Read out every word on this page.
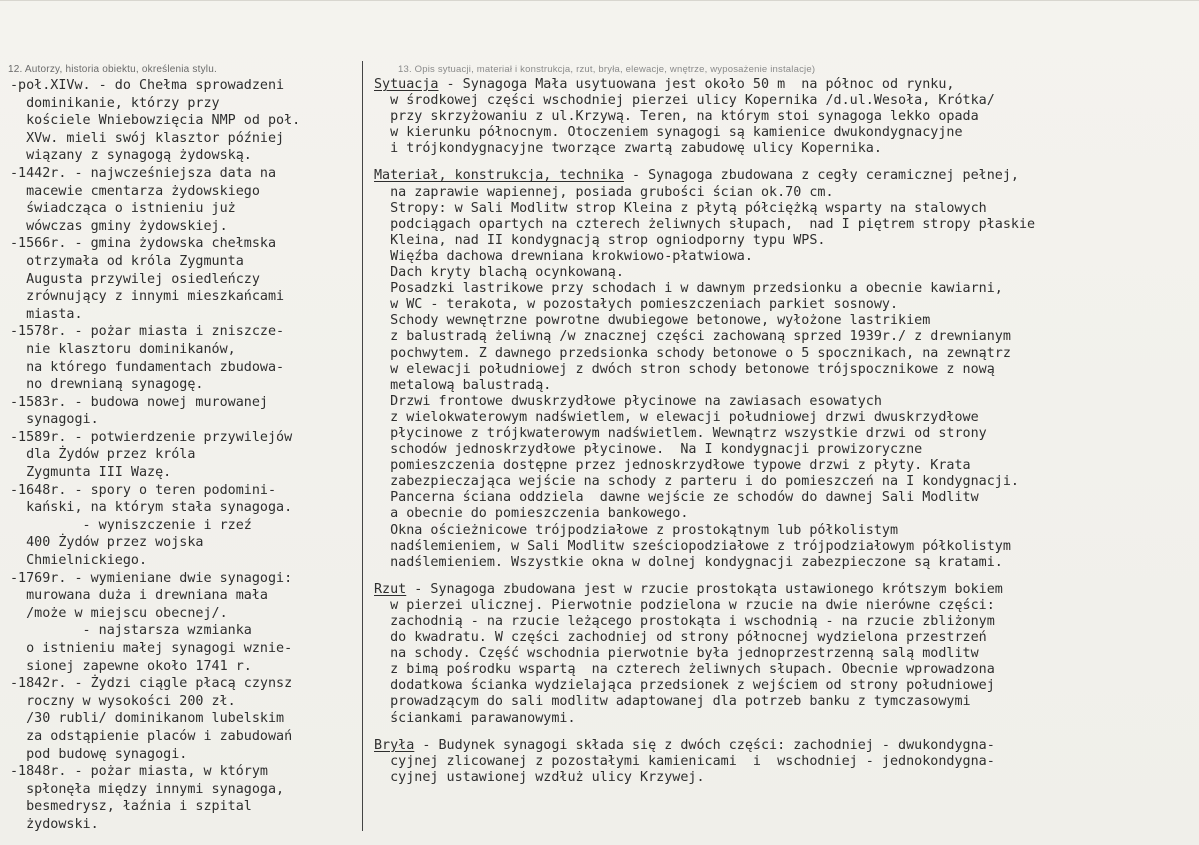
12. Autorzy, historia obiektu, określenia stylu.	13. Opis sytuacji, materiał i konstrukcja, rzut, bryła, elewacje, wnętrze, wyposażenie instalacje)
-poł.XIVw. - do Chełma sprowadzeni
dominikanie, którzy przy
kościele Wniebowzięcia NMP od poł.
XVw. mieli swój klasztor później
wiązany z synagogą żydowską.
-1442r. - najwcześniejsza data na
macewie cmentarza żydowskiego
świadcząca o istnieniu już
wówczas gminy żydowskiej.
-1566r. - gmina żydowska chełmska
otrzymała od króla Zygmunta
Augusta przywilej osiedleńczy
zrównujący z innymi mieszkańcami
miasta.
-1578r. - pożar miasta i zniszcze-
nie klasztoru dominikanów,
na którego fundamentach zbudowa-
no drewnianą synagogę.
-1583r. - budowa nowej murowanej
synagogi.
-1589r. - potwierdzenie przywilejów
dla Żydów przez króla
Zygmunta III Wazę.
-1648r. - spory o teren podomini-
kański, na którym stała synagoga.
- wyniszczenie i rzeź
400 Żydów przez wojska
Chmielnickiego.
-1769r. - wymieniane dwie synagogi:
murowana duża i drewniana mała
/może w miejscu obecnej/.
- najstarsza wzmianka
o istnieniu małej synagogi wznie-
sionej zapewne około 1741 r.
-1842r. - Żydzi ciągle płacą czynsz
roczny w wysokości 200 zł.
/30 rubli/ dominikanom lubelskim
za odstąpienie placów i zabudowań
pod budowę synagogi.
-1848r. - pożar miasta, w którym
spłonęła między innymi synagoga,
besmedrysz, łaźnia i szpital
żydowski.
Sytuacja - Synagoga Mała usytuowana jest około 50 m  na północ od rynku,
w środkowej części wschodniej pierzei ulicy Kopernika /d.ul.Wesoła, Krótka/
przy skrzyżowaniu z ul.Krzywą. Teren, na którym stoi synagoga lekko opada
w kierunku północnym. Otoczeniem synagogi są kamienice dwukondygnacyjne
i trójkondygnacyjne tworzące zwartą zabudowę ulicy Kopernika.
Materiał, konstrukcja, technika - Synagoga zbudowana z cegły ceramicznej pełnej,
na zaprawie wapiennej, posiada grubości ścian ok.70 cm.
Stropy: w Sali Modlitw strop Kleina z płytą półciężką wsparty na stalowych
podciągach opartych na czterech żeliwnych słupach,  nad I piętrem stropy płaskie
Kleina, nad II kondygnacją strop ogniodporny typu WPS.
Więźba dachowa drewniana krokwiowo-płatwiowa.
Dach kryty blachą ocynkowaną.
Posadzki lastrikowe przy schodach i w dawnym przedsionku a obecnie kawiarni,
w WC - terakota, w pozostałych pomieszczeniach parkiet sosnowy.
Schody wewnętrzne powrotne dwubiegowe betonowe, wyłożone lastrikiem
z balustradą żeliwną /w znacznej części zachowaną sprzed 1939r./ z drewnianym
pochwytem. Z dawnego przedsionka schody betonowe o 5 spocznikach, na zewnątrz
w elewacji południowej z dwóch stron schody betonowe trójspocznikowe z nową
metalową balustradą.
Drzwi frontowe dwuskrzydłowe płycinowe na zawiasach esowatych
z wielokwaterowym nadświetlem, w elewacji południowej drzwi dwuskrzydłowe
płycinowe z trójkwaterowym nadświetlem. Wewnątrz wszystkie drzwi od strony
schodów jednoskrzydłowe płycinowe.  Na I kondygnacji prowizoryczne
pomieszczenia dostępne przez jednoskrzydłowe typowe drzwi z płyty. Krata
zabezpieczająca wejście na schody z parteru i do pomieszczeń na I kondygnacji.
Pancerna ściana oddziela  dawne wejście ze schodów do dawnej Sali Modlitw
a obecnie do pomieszczenia bankowego.
Okna ościeżnicowe trójpodziałowe z prostokątnym lub półkolistym
nadślemieniem, w Sali Modlitw sześciopodziałowe z trójpodziałowym półkolistym
nadślemieniem. Wszystkie okna w dolnej kondygnacji zabezpieczone są kratami.
Rzut - Synagoga zbudowana jest w rzucie prostokąta ustawionego krótszym bokiem
w pierzei ulicznej. Pierwotnie podzielona w rzucie na dwie nierówne części:
zachodnią - na rzucie leżącego prostokąta i wschodnią - na rzucie zbliżonym
do kwadratu. W części zachodniej od strony północnej wydzielona przestrzeń
na schody. Część wschodnia pierwotnie była jednoprzestrzenną salą modlitw
z bimą pośrodku wspartą  na czterech żeliwnych słupach. Obecnie wprowadzona
dodatkowa ścianka wydzielająca przedsionek z wejściem od strony południowej
prowadzącym do sali modlitw adaptowanej dla potrzeb banku z tymczasowymi
ściankami parawanowymi.
Bryła - Budynek synagogi składa się z dwóch części: zachodniej - dwukondygna-
cyjnej zlicowanej z pozostałymi kamienicami  i  wschodniej - jednokondygna-
cyjnej ustawionej wzdłuż ulicy Krzywej.
